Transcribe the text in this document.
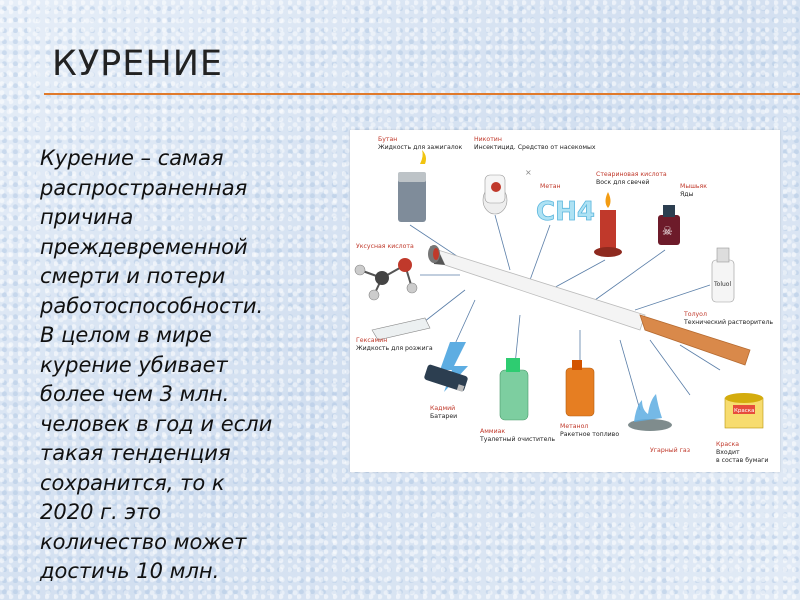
КУРЕНИЕ
Курение – самая
распространенная
причина
преждевременной
смерти и потери
работоспособности.
В целом в мире
курение убивает
более чем 3 млн.
человек в год и если
такая тенденция
сохранится, то к
2020 г. это
количество может
достичь 10 млн.
Бутан
Жидкость для зажигалок
×
Никотин
Инсектицид. Средство от насекомых
Метан
CH4
Стеариновая кислота
Воск для свечей
☠
Мышьяк
Яды
Уксусная кислота
Toluol
Толуол
Технический растворитель
Гексамин
Жидкость для розжига
Кадмий
Батареи
Аммиак
Туалетный очиститель
Метанол
Ракетное топливо
Угарный газ
Краска
Краска
Входит
в состав бумаги
